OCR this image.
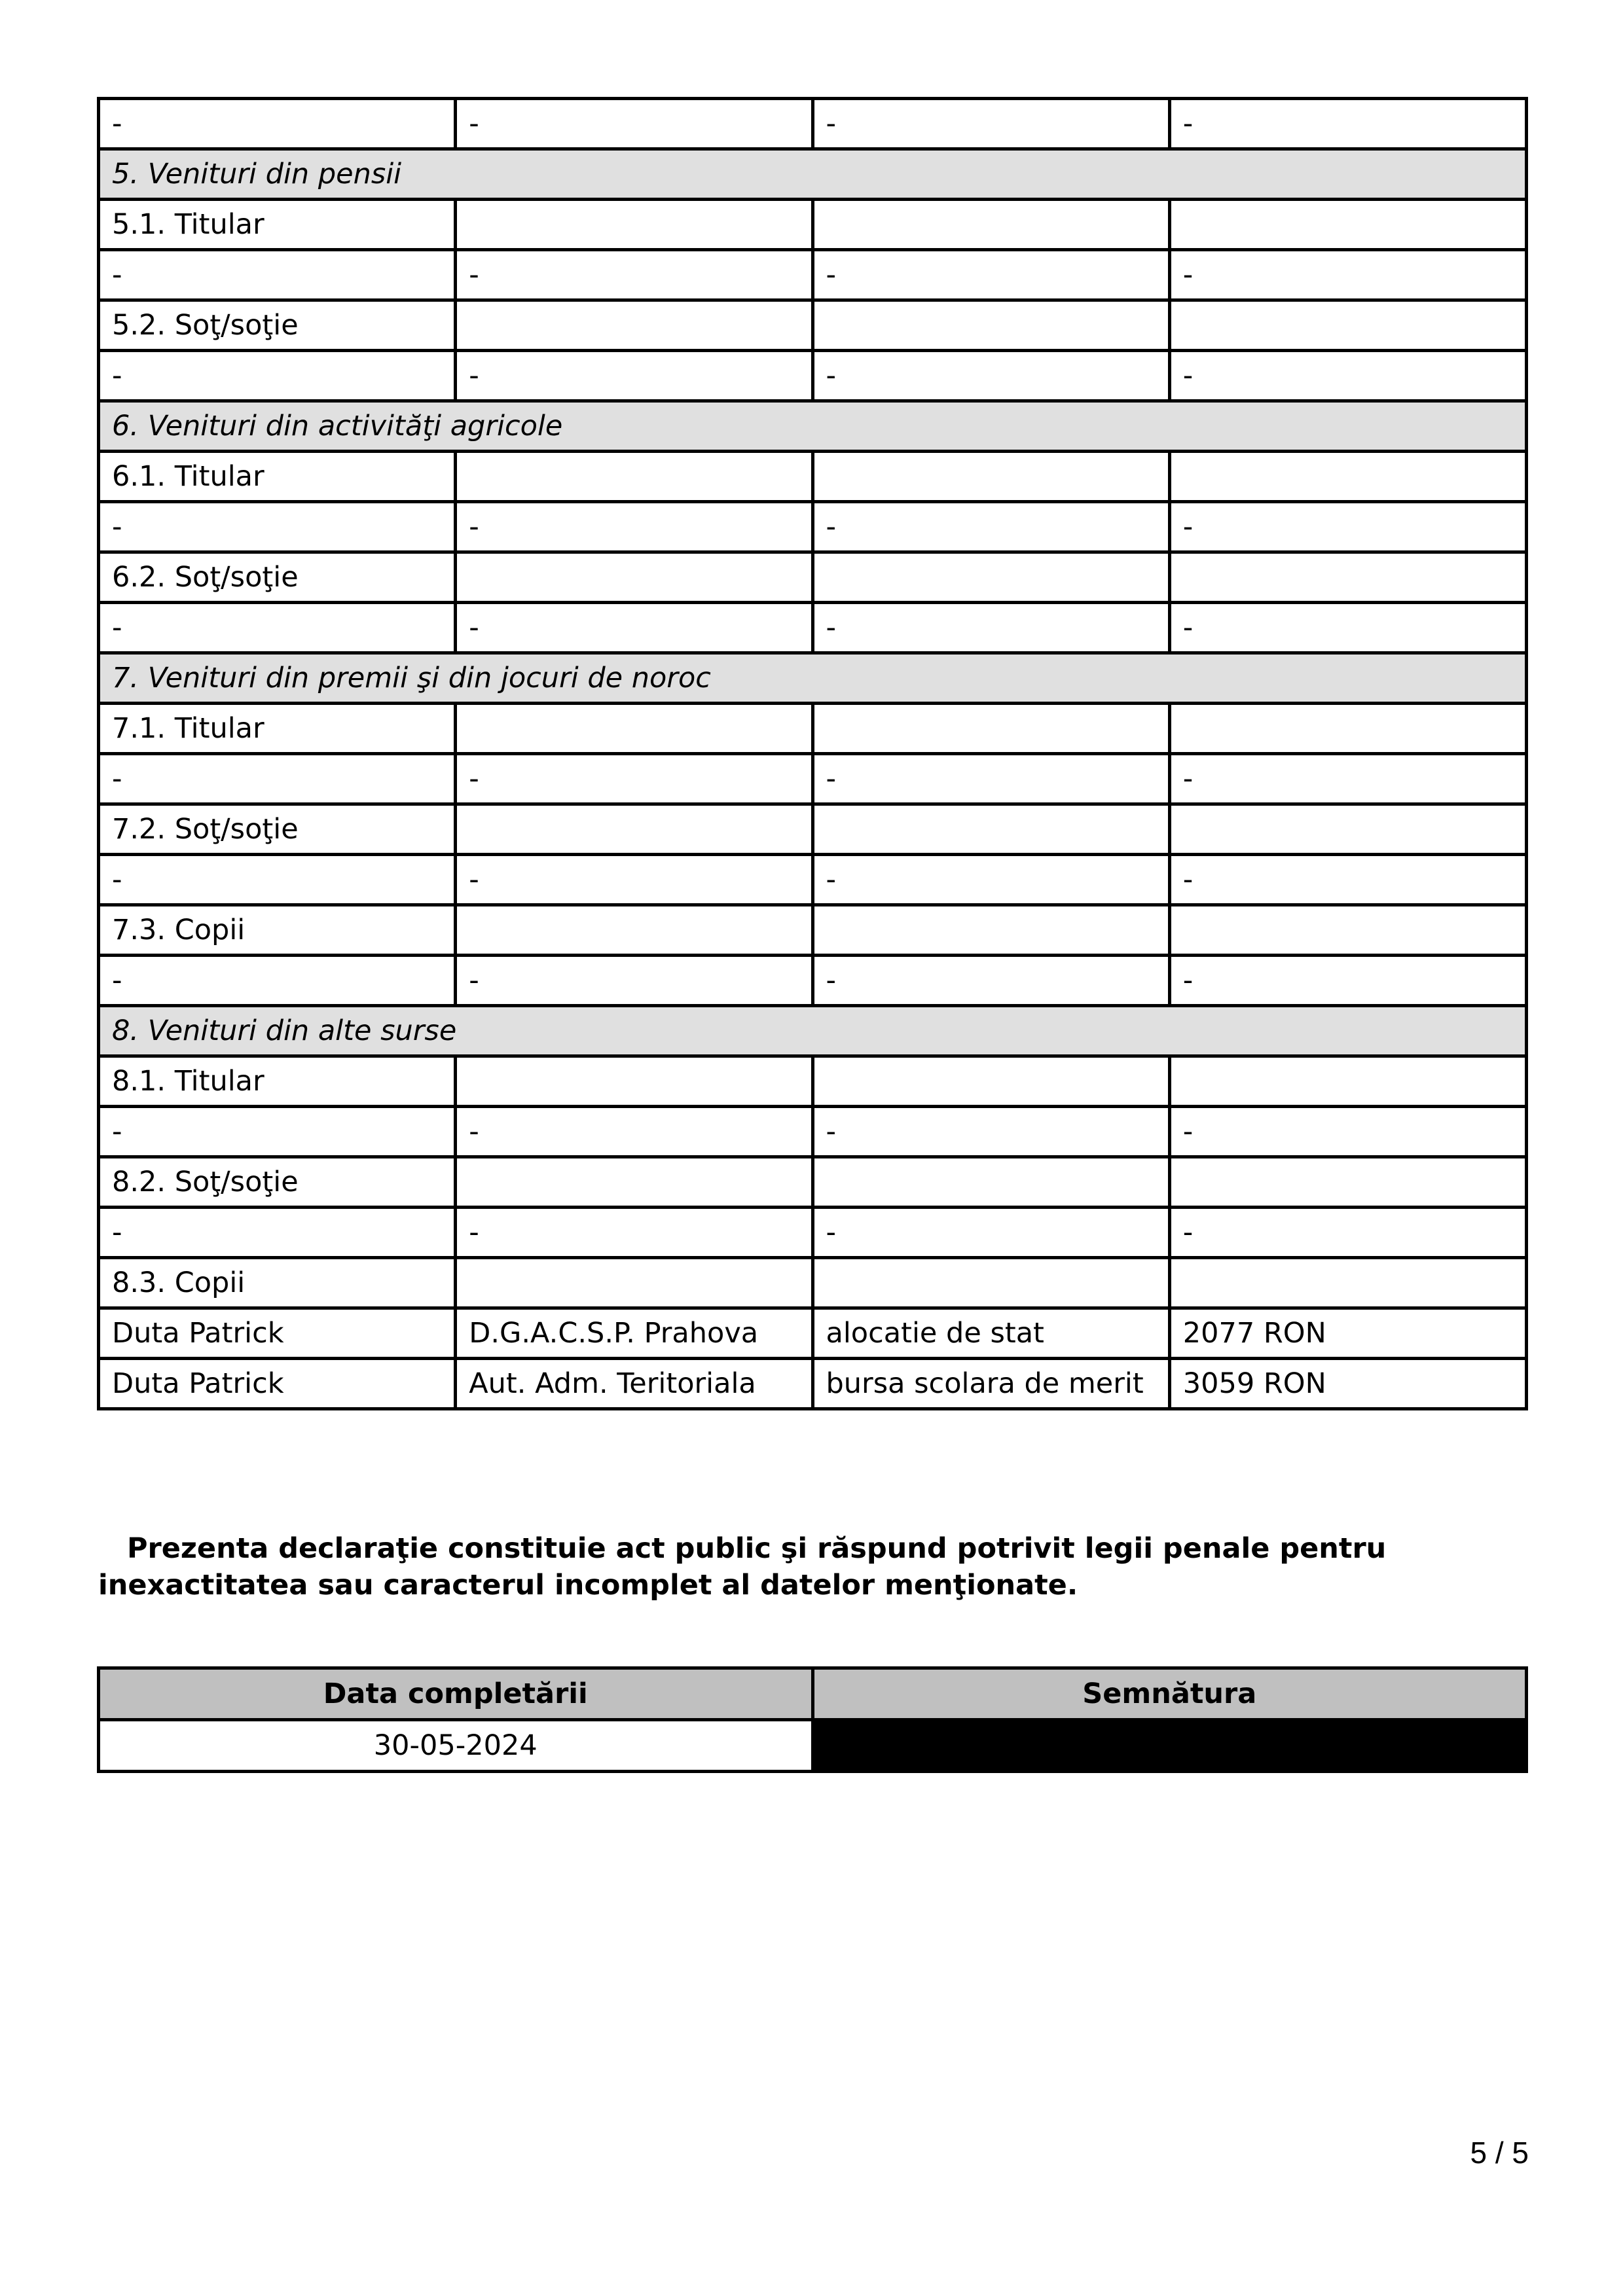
-	-	-	-
5. Venituri din pensii			
5.1. Titular			
-	-	-	-
5.2. Soţ/soţie			
-	-	-	-
6. Venituri din activităţi agricole			
6.1. Titular			
-	-	-	-
6.2. Soţ/soţie			
-	-	-	-
7. Venituri din premii şi din jocuri de noroc			
7.1. Titular			
-	-	-	-
7.2. Soţ/soţie			
-	-	-	-
7.3. Copii			
-	-	-	-
8. Venituri din alte surse			
8.1. Titular			
-	-	-	-
8.2. Soţ/soţie			
-	-	-	-
8.3. Copii			
Duta Patrick	D.G.A.C.S.P. Prahova	alocatie de stat	2077 RON
Duta Patrick	Aut. Adm. Teritoriala	bursa scolara de merit	3059 RON

Prezenta declaraţie constituie act public şi răspund potrivit legii penale pentru inexactitatea sau caracterul incomplet al datelor menţionate.

Data completării	Semnătura
30-05-2024	
5 / 5
